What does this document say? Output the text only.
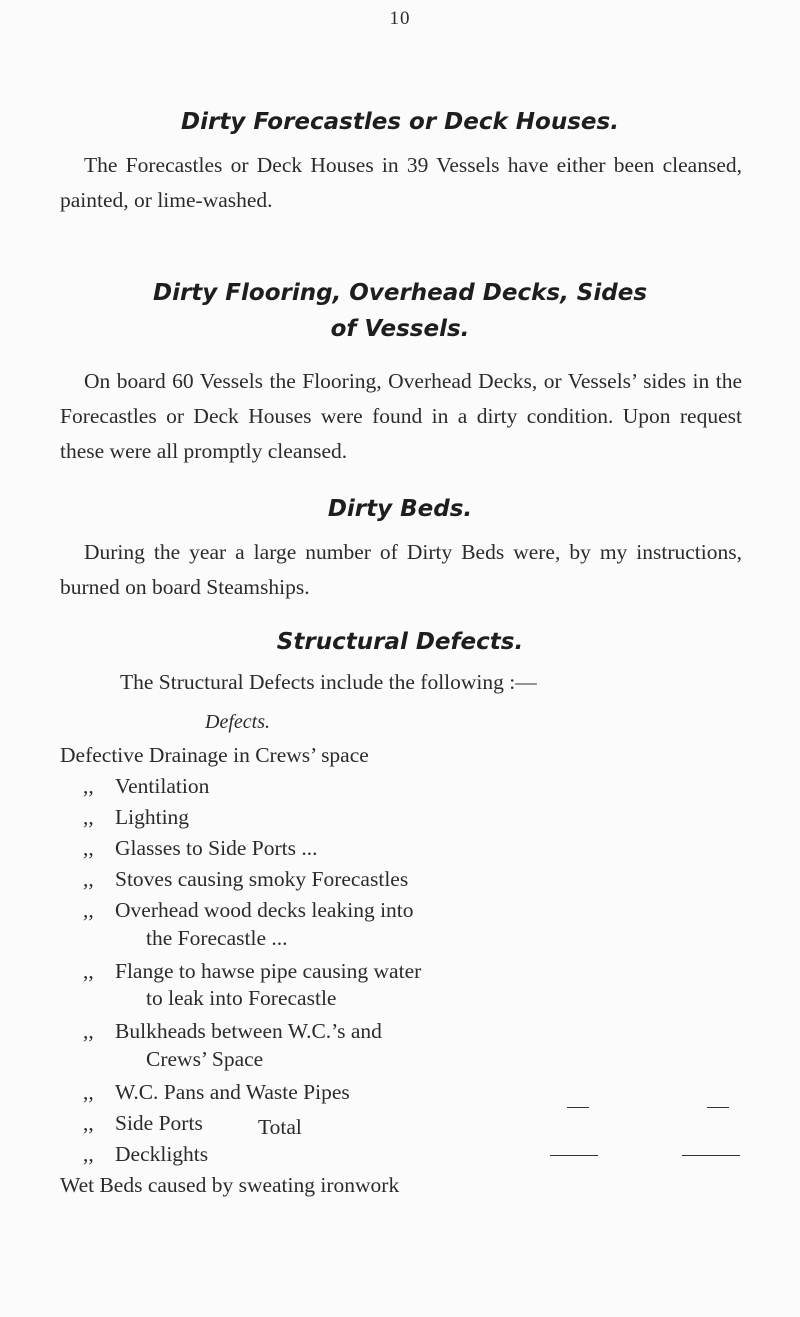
10
Dirty Forecastles or Deck Houses.
The Forecastles or Deck Houses in 39 Vessels have either been cleansed, painted, or lime-washed.
Dirty Flooring, Overhead Decks, Sides
of Vessels.
On board 60 Vessels the Flooring, Overhead Decks, or Vessels’ sides in the Forecastles or Deck Houses were found in a dirty condition. Upon request these were all promptly cleansed.
Dirty Beds.
During the year a large number of Dirty Beds were, by my instructions, burned on board Steamships.
Structural Defects.
The Structural Defects include the following :—
Defects.
Defective Drainage in Crews’ space
,, Ventilation
,, Lighting
,, Glasses to Side Ports ...
,, Stoves causing smoky Forecastles
,, Overhead wood decks leaking into
the Forecastle ...
,, Flange to hawse pipe causing water
to leak into Forecastle
,, Bulkheads between W.C.’s and
Crews’ Space
,, W.C. Pans and Waste Pipes
,, Side Ports
,, Decklights
Wet Beds caused by sweating ironwork
Total
